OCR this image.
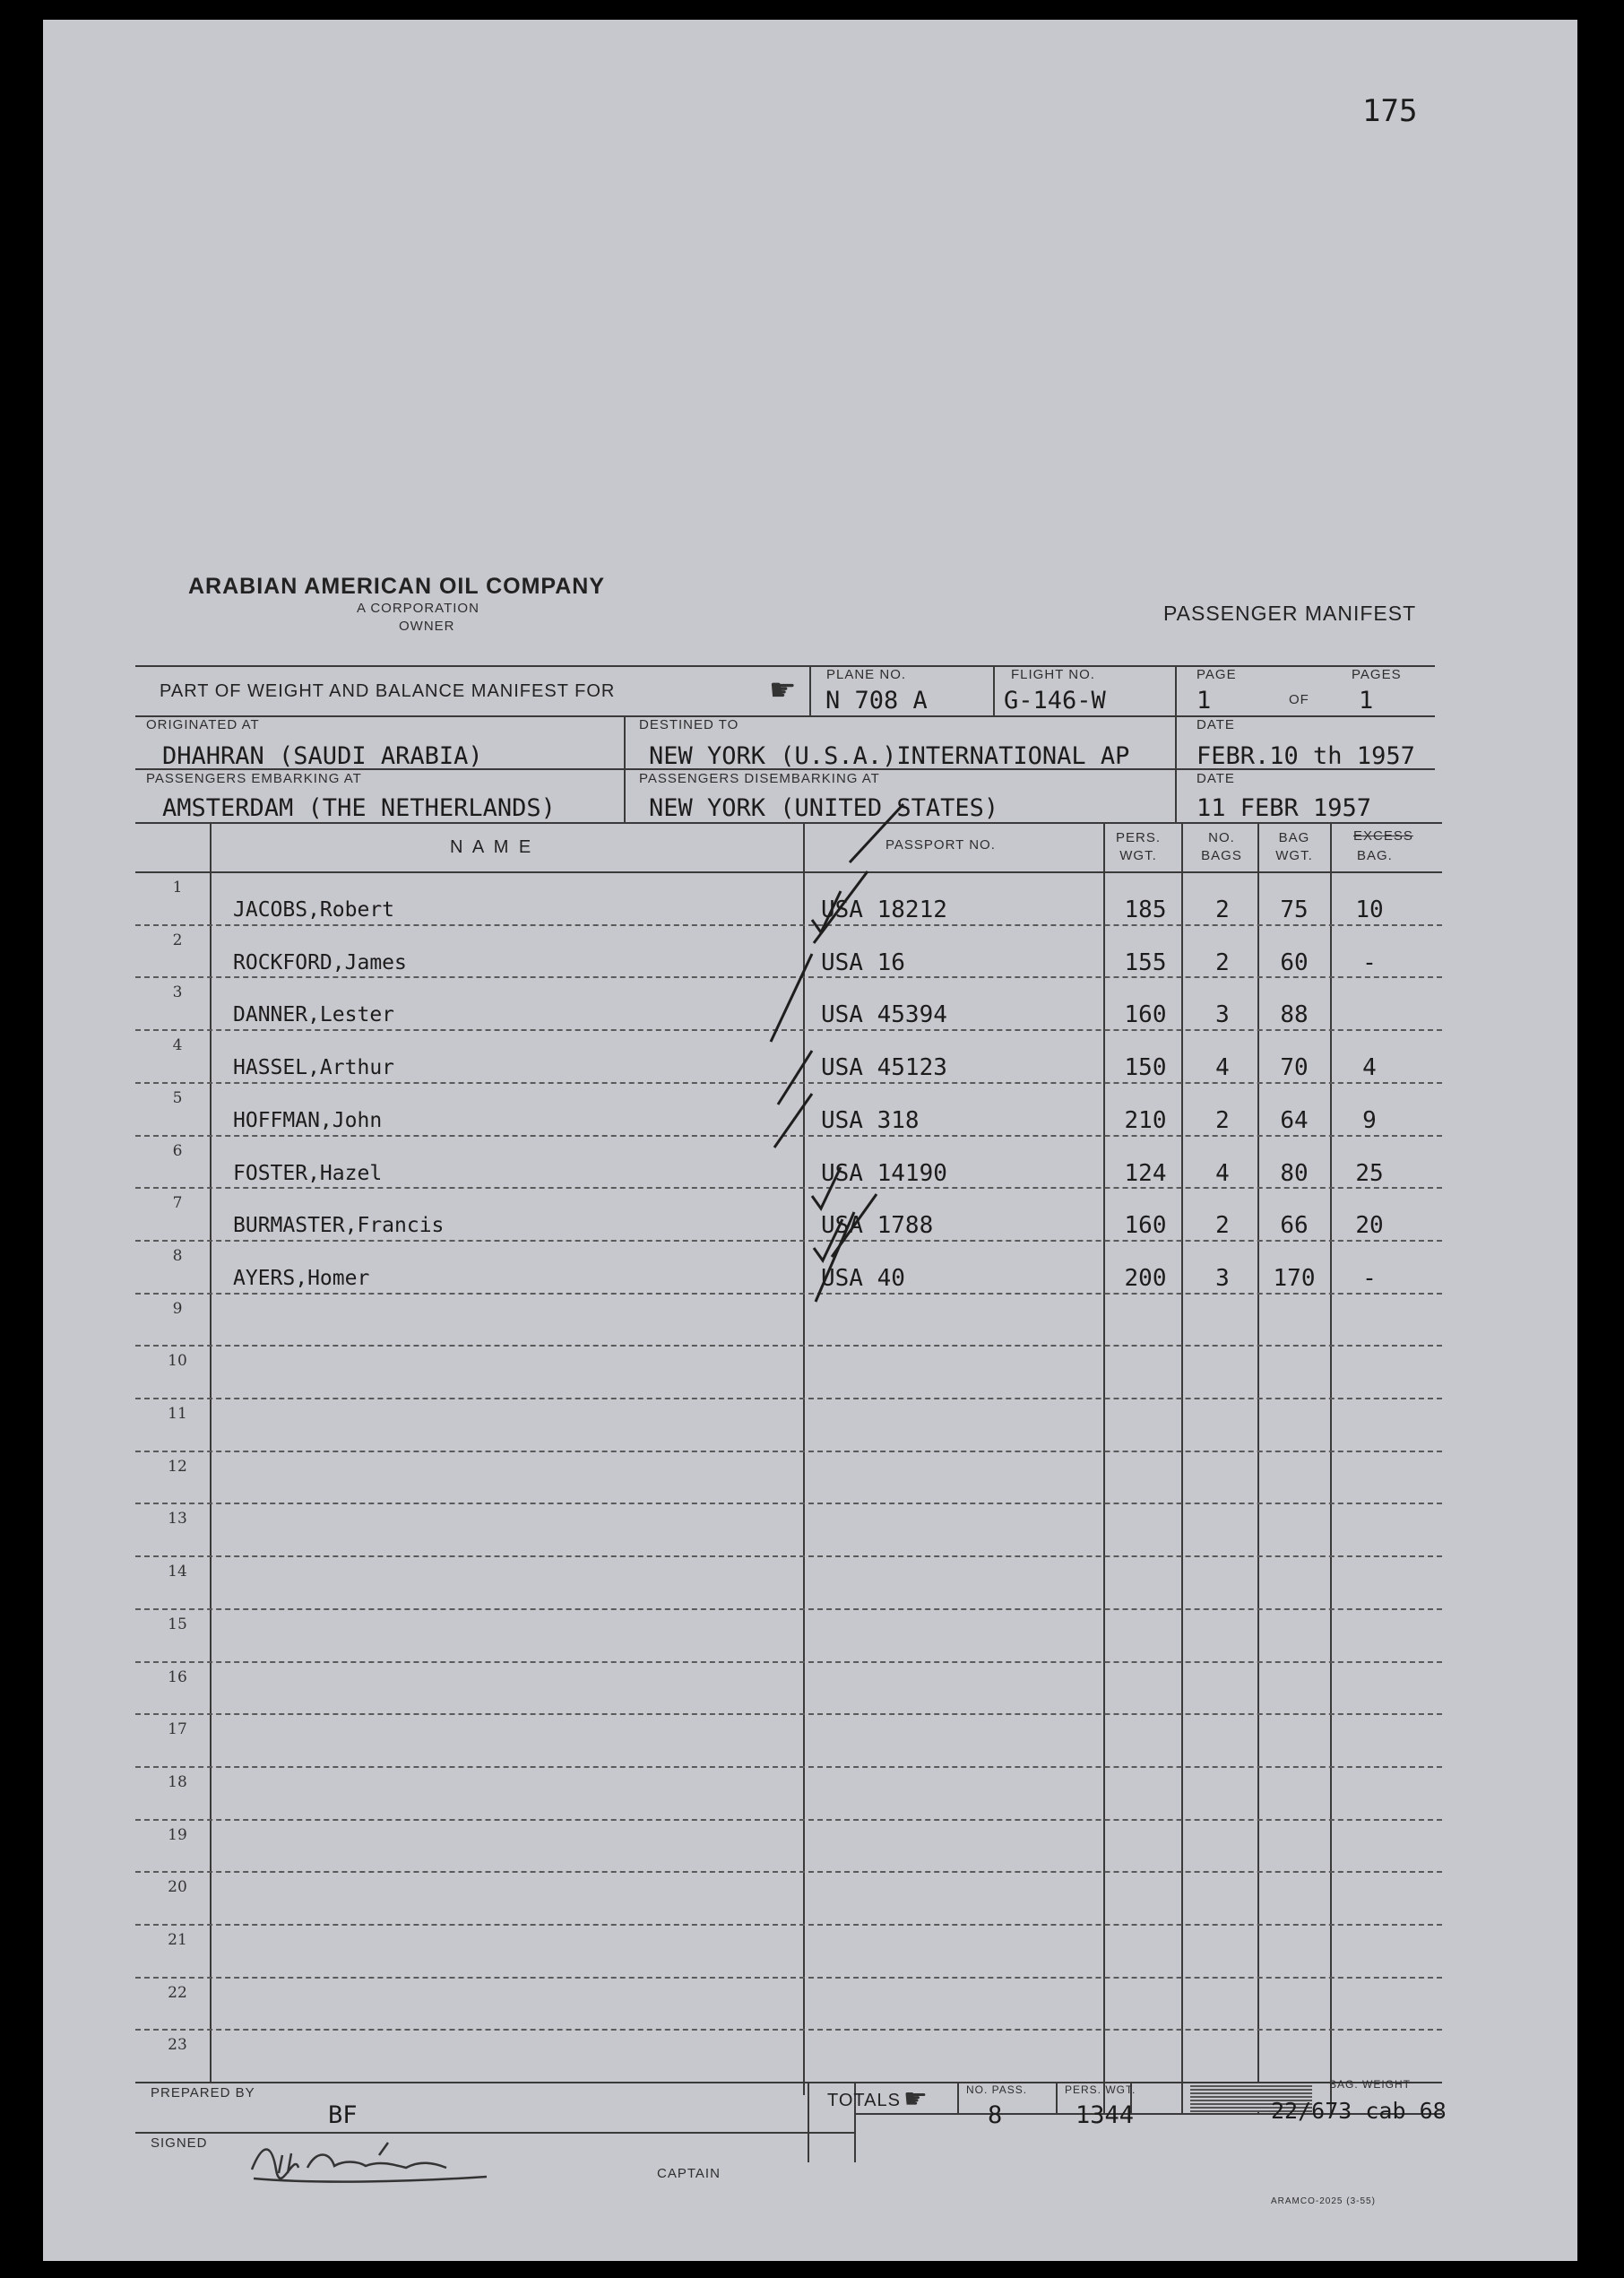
175
ARABIAN AMERICAN OIL COMPANY
A CORPORATION
OWNER
PASSENGER MANIFEST
PART OF WEIGHT AND BALANCE MANIFEST FOR	☛ PLANE NO.
N 708 A
FLIGHT NO.
G-146-W
PAGE	PAGES
1	OF 1
ORIGINATED AT
DHAHRAN (SAUDI ARABIA)
DESTINED TO
NEW YORK (U.S.A.)INTERNATIONAL AP
DATE
FEBR.10 th 1957
PASSENGERS EMBARKING AT
AMSTERDAM (THE NETHERLANDS)
PASSENGERS DISEMBARKING AT
NEW YORK (UNITED STATES)
DATE
11 FEBR 1957
N A M E	PASSPORT NO.	PERS.
WGT.
NO.
BAGS
BAG
WGT.
EXCESS
BAG.
1
JACOBS,Robert	USA 18212	185	2	75	10
2
ROCKFORD,James	USA 16	155	2	60	-
3
DANNER,Lester	USA 45394	160	3	88
4
HASSEL,Arthur	USA 45123	150	4	70	4
5
HOFFMAN,John	USA 318	210	2	64	9
6
FOSTER,Hazel	USA 14190	124	4	80	25
7
BURMASTER,Francis	USA 1788	160	2	66	20
8
AYERS,Homer	USA 40	200	3	170	-
9
10
11
12
13
14
15
16
17
18
19
20
21
22
23
PREPARED BY
BF
TOTALS ☛	NO. PASS.
8
PERS. WGT.
1344
BAG. WEIGHT
22/673 cab 68
SIGNED
CAPTAIN
ARAMCO-2025 (3-55)
